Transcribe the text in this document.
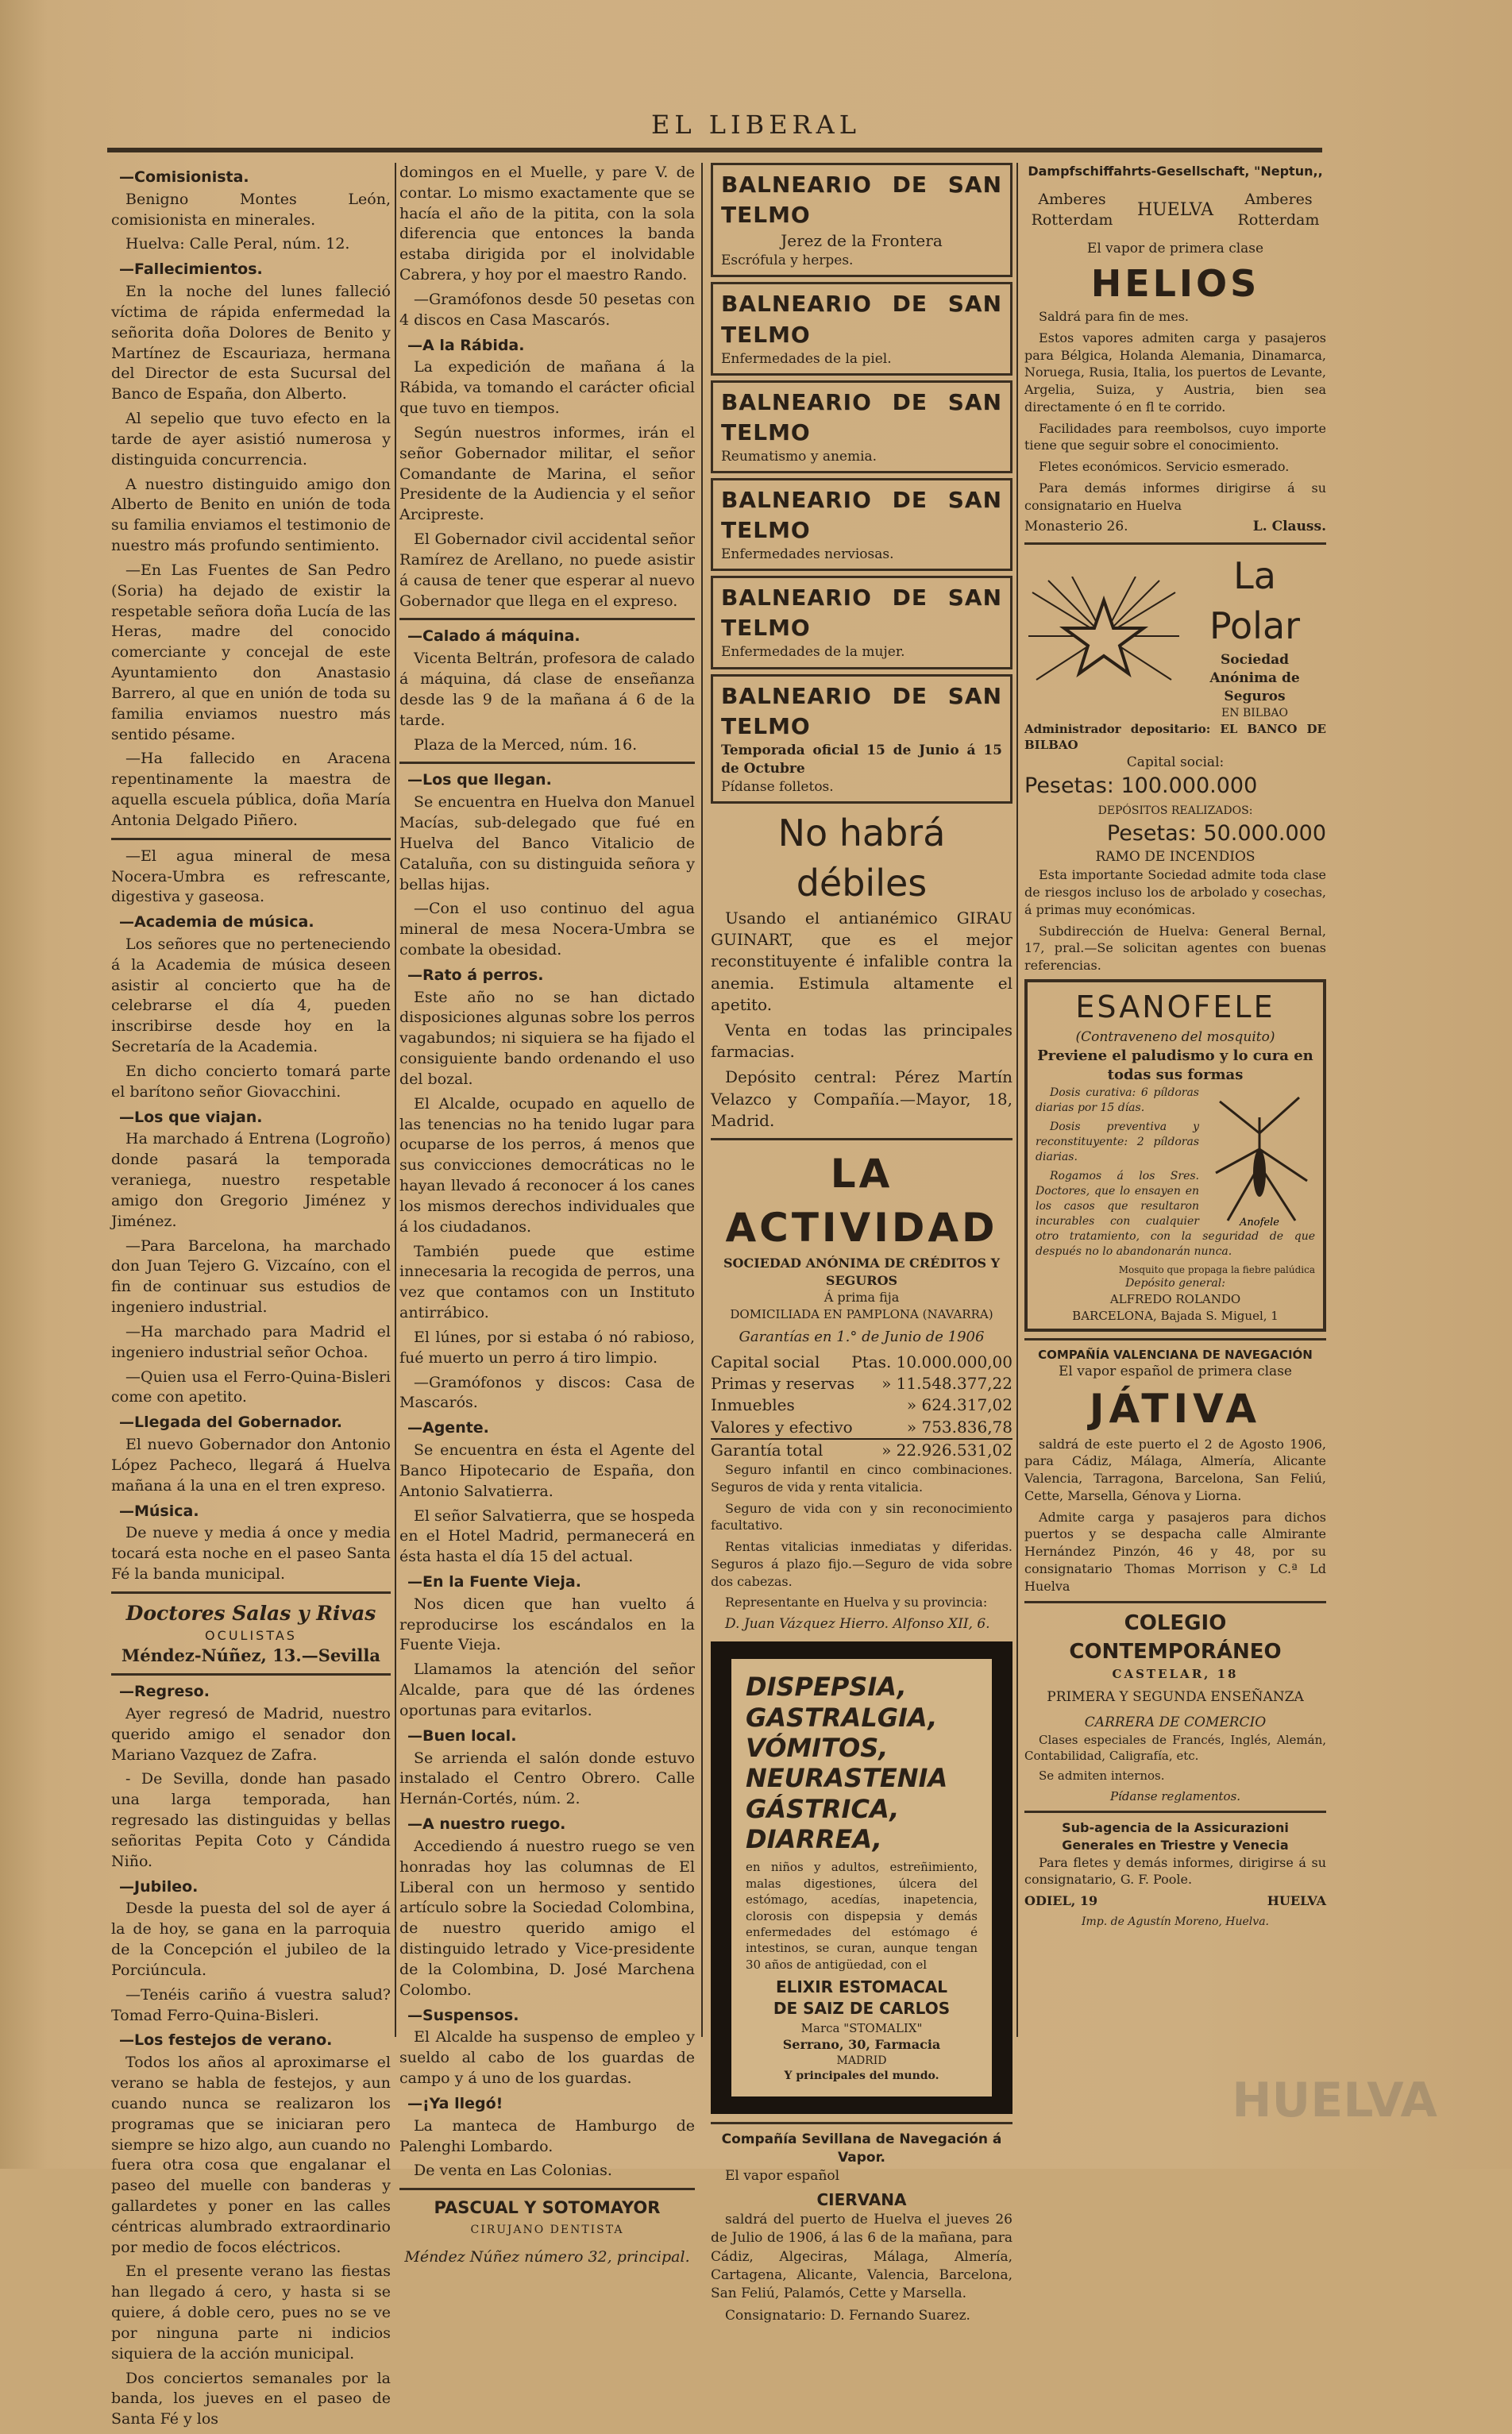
EL LIBERAL
—Comisionista.

Benigno Montes León, comisionista en minerales.

Huelva: Calle Peral, núm. 12.

—Fallecimientos.

En la noche del lunes falleció víctima de rápida enfermedad la señorita doña Dolores de Benito y Martínez de Escauriaza, hermana del Director de esta Sucursal del Banco de España, don Alberto.

Al sepelio que tuvo efecto en la tarde de ayer asistió numerosa y distinguida concurrencia.

A nuestro distinguido amigo don Alberto de Benito en unión de toda su familia enviamos el testimonio de nuestro más profundo sentimiento.

—En Las Fuentes de San Pedro (Soria) ha dejado de existir la respetable señora doña Lucía de las Heras, madre del conocido comerciante y concejal de este Ayuntamiento don Anastasio Barrero, al que en unión de toda su familia enviamos nuestro más sentido pésame.

—Ha fallecido en Aracena repentinamente la maestra de aquella escuela pública, doña María Antonia Delgado Piñero.

—El agua mineral de mesa Nocera-Umbra es refrescante, digestiva y gaseosa.

—Academia de música.

Los señores que no perteneciendo á la Academia de música deseen asistir al concierto que ha de celebrarse el día 4, pueden inscribirse desde hoy en la Secretaría de la Academia.

En dicho concierto tomará parte el barítono señor Giovacchini.

—Los que viajan.

Ha marchado á Entrena (Logroño) donde pasará la temporada veraniega, nuestro respetable amigo don Gregorio Jiménez y Jiménez.

—Para Barcelona, ha marchado don Juan Tejero G. Vizcaíno, con el fin de continuar sus estudios de ingeniero industrial.

—Ha marchado para Madrid el ingeniero industrial señor Ochoa.

—Quien usa el Ferro-Quina-Bisleri come con apetito.

—Llegada del Gobernador.

El nuevo Gobernador don Antonio López Pacheco, llegará á Huelva mañana á la una en el tren expreso.

—Música.

De nueve y media á once y media tocará esta noche en el paseo Santa Fé la banda municipal.

Doctores Salas y Rivas
OCULISTAS
Méndez-Núñez, 13.—Sevilla
—Regreso.

Ayer regresó de Madrid, nuestro querido amigo el senador don Mariano Vazquez de Zafra.

- De Sevilla, donde han pasado una larga temporada, han regresado las distinguidas y bellas señoritas Pepita Coto y Cándida Niño.

—Jubileo.

Desde la puesta del sol de ayer á la de hoy, se gana en la parroquia de la Concepción el jubileo de la Porciúncula.

—Tenéis cariño á vuestra salud? Tomad Ferro-Quina-Bisleri.

—Los festejos de verano.

Todos los años al aproximarse el verano se habla de festejos, y aun cuando nunca se realizaron los programas que se iniciaran pero siempre se hizo algo, aun cuando no fuera otra cosa que engalanar el paseo del muelle con banderas y gallardetes y poner en las calles céntricas alumbrado extraordinario por medio de focos eléctricos.

En el presente verano las fiestas han llegado á cero, y hasta si se quiere, á doble cero, pues no se ve por ninguna parte ni indicios siquiera de la acción municipal.

Dos conciertos semanales por la banda, los jueves en el paseo de Santa Fé y los

domingos en el Muelle, y pare V. de contar. Lo mismo exactamente que se hacía el año de la pitita, con la sola diferencia que entonces la banda estaba dirigida por el inolvidable Cabrera, y hoy por el maestro Rando.

—Gramófonos desde 50 pesetas con 4 discos en Casa Mascarós.

—A la Rábida.

La expedición de mañana á la Rábida, va tomando el carácter oficial que tuvo en tiempos.

Según nuestros informes, irán el señor Gobernador militar, el señor Comandante de Marina, el señor Presidente de la Audiencia y el señor Arcipreste.

El Gobernador civil accidental señor Ramírez de Arellano, no puede asistir á causa de tener que esperar al nuevo Gobernador que llega en el expreso.

—Calado á máquina.

Vicenta Beltrán, profesora de calado á máquina, dá clase de enseñanza desde las 9 de la mañana á 6 de la tarde.

Plaza de la Merced, núm. 16.

—Los que llegan.

Se encuentra en Huelva don Manuel Macías, sub-delegado que fué en Huelva del Banco Vitalicio de Cataluña, con su distinguida señora y bellas hijas.

—Con el uso continuo del agua mineral de mesa Nocera-Umbra se combate la obesidad.

—Rato á perros.

Este año no se han dictado disposiciones algunas sobre los perros vagabundos; ni siquiera se ha fijado el consiguiente bando ordenando el uso del bozal.

El Alcalde, ocupado en aquello de las tenencias no ha tenido lugar para ocuparse de los perros, á menos que sus convicciones democráticas no le hayan llevado á reconocer á los canes los mismos derechos individuales que á los ciudadanos.

También puede que estime innecesaria la recogida de perros, una vez que contamos con un Instituto antirrábico.

El lúnes, por si estaba ó nó rabioso, fué muerto un perro á tiro limpio.

—Gramófonos y discos: Casa de Mascarós.

—Agente.

Se encuentra en ésta el Agente del Banco Hipotecario de España, don Antonio Salvatierra.

El señor Salvatierra, que se hospeda en el Hotel Madrid, permanecerá en ésta hasta el día 15 del actual.

—En la Fuente Vieja.

Nos dicen que han vuelto á reproducirse los escándalos en la Fuente Vieja.

Llamamos la atención del señor Alcalde, para que dé las órdenes oportunas para evitarlos.

—Buen local.

Se arrienda el salón donde estuvo instalado el Centro Obrero. Calle Hernán-Cortés, núm. 2.

—A nuestro ruego.

Accediendo á nuestro ruego se ven honradas hoy las columnas de El Liberal con un hermoso y sentido artículo sobre la Sociedad Colombina, de nuestro querido amigo el distinguido letrado y Vice-presidente de la Colombina, D. José Marchena Colombo.

—Suspensos.

El Alcalde ha suspenso de empleo y sueldo al cabo de los guardas de campo y á uno de los guardas.

—¡Ya llegó!

La manteca de Hamburgo de Palenghi Lombardo.

De venta en Las Colonias.

PASCUAL Y SOTOMAYOR
CIRUJANO DENTISTA
Méndez Núñez número 32, principal.
BALNEARIO DE SAN TELMO
Jerez de la Frontera
Escrófula y herpes.
BALNEARIO DE SAN TELMO
Enfermedades de la piel.
BALNEARIO DE SAN TELMO
Reumatismo y anemia.
BALNEARIO DE SAN TELMO
Enfermedades nerviosas.
BALNEARIO DE SAN TELMO
Enfermedades de la mujer.
BALNEARIO DE SAN TELMO
Temporada oficial 15 de Junio á 15 de Octubre
Pídanse folletos.
No habrá débiles

Usando el antianémico GIRAU GUINART, que es el mejor reconstituyente é infalible contra la anemia. Estimula altamente el apetito.

Venta en todas las principales farmacias.

Depósito central: Pérez Martín Velazco y Compañía.—Mayor, 18, Madrid.

LA ACTIVIDAD
SOCIEDAD ANÓNIMA DE CRÉDITOS Y SEGUROS
Á prima fija
DOMICILIADA EN PAMPLONA (NAVARRA)
Garantías en 1.° de Junio de 1906
Capital social Ptas. 10.000.000,00
Primas y reservas » 11.548.377,22
Inmuebles	» 624.317,02
Valores y efectivo	» 753.836,78
Garantía total	» 22.926.531,02

Seguro infantil en cinco combinaciones. Seguros de vida y renta vitalicia.

Seguro de vida con y sin reconocimiento facultativo.

Rentas vitalicias inmediatas y diferidas. Seguros á plazo fijo.—Seguro de vida sobre dos cabezas.

Representante en Huelva y su provincia:

D. Juan Vázquez Hierro. Alfonso XII, 6.

DISPEPSIA,
GASTRALGIA,
VÓMITOS,
NEURASTENIA
GÁSTRICA,
DIARREA,

en niños y adultos, estreñimiento, malas digestiones, úlcera del estómago, acedías, inapetencia, clorosis con dispepsia y demás enfermedades del estómago é intestinos, se curan, aunque tengan 30 años de antigüedad, con el

ELIXIR ESTOMACAL
DE SAIZ DE CARLOS
Marca "STOMALIX"
Serrano, 30, Farmacia
MADRID
Y principales del mundo.
Compañía Sevillana de Navegación á Vapor.

El vapor español

CIERVANA

saldrá del puerto de Huelva el jueves 26 de Julio de 1906, á las 6 de la mañana, para Cádiz, Algeciras, Málaga, Almería, Cartagena, Alicante, Valencia, Barcelona, San Feliú, Palamós, Cette y Marsella.

Consignatario: D. Fernando Suarez.

Dampfschiffahrts-Gesellschaft, "Neptun,,
Amberes Rotterdam	HUELVA
Amberes Rotterdam
El vapor de primera clase
HELIOS

Saldrá para fin de mes.

Estos vapores admiten carga y pasajeros para Bélgica, Holanda Alemania, Dinamarca, Noruega, Rusia, Italia, los puertos de Levante, Argelia, Suiza, y Austria, bien sea directamente ó en fl te corrido.

Facilidades para reembolsos, cuyo importe tiene que seguir sobre el conocimiento.

Fletes económicos. Servicio esmerado.

Para demás informes dirigirse á su consignatario en Huelva

Monasterio 26.	L. Clauss.
La Polar
Sociedad
Anónima de Seguros
EN BILBAO
Administrador depositario: EL BANCO DE BILBAO
Capital social:
Pesetas: 100.000.000
DEPÓSITOS REALIZADOS:
Pesetas: 50.000.000
RAMO DE INCENDIOS

Esta importante Sociedad admite toda clase de riesgos incluso los de arbolado y cosechas, á primas muy económicas.

Subdirección de Huelva: General Bernal, 17, pral.—Se solicitan agentes con buenas referencias.

ESANOFELE
(Contraveneno del mosquito)
Previene el paludismo y lo cura en todas sus formas
Anofele

Dosis curativa: 6 píldoras diarias por 15 días.

Dosis preventiva y reconstituyente: 2 píldoras diarias.

Rogamos á los Sres. Doctores, que lo ensayen en los casos que resultaron incurables con cualquier otro tratamiento, con la seguridad de que después no lo abandonarán nunca.

Mosquito que propaga la fiebre palúdica
Depósito general:
ALFREDO ROLANDO
BARCELONA, Bajada S. Miguel, 1
COMPAÑÍA VALENCIANA DE NAVEGACIÓN
El vapor español de primera clase
JÁTIVA

saldrá de este puerto el 2 de Agosto 1906, para Cádiz, Málaga, Almería, Alicante Valencia, Tarragona, Barcelona, San Feliú, Cette, Marsella, Génova y Liorna.

Admite carga y pasajeros para dichos puertos y se despacha calle Almirante Hernández Pinzón, 46 y 48, por su consignatario Thomas Morrison y C.ª Ld Huelva

COLEGIO CONTEMPORÁNEO
CASTELAR, 18
PRIMERA Y SEGUNDA ENSEÑANZA
CARRERA DE COMERCIO

Clases especiales de Francés, Inglés, Alemán, Contabilidad, Caligrafía, etc.

Se admiten internos.

Pídanse reglamentos.
Sub-agencia de la Assicurazioni Generales en Triestre y Venecia

Para fletes y demás informes, dirigirse á su consignatario, G. F. Poole.

ODIEL, 19	HUELVA
Imp. de Agustín Moreno, Huelva.
HUELVA
